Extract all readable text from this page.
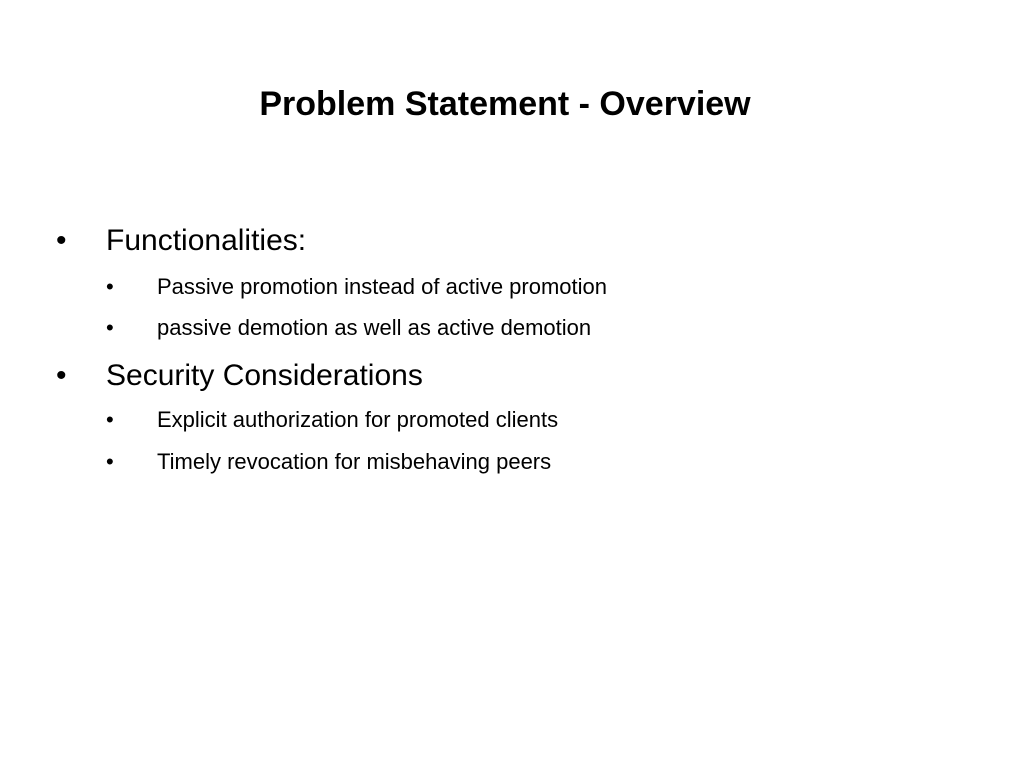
Problem Statement - Overview
• Functionalities:
• Passive promotion instead of active promotion
• passive demotion as well as active demotion
• Security Considerations
• Explicit authorization for promoted clients
• Timely revocation for misbehaving peers
